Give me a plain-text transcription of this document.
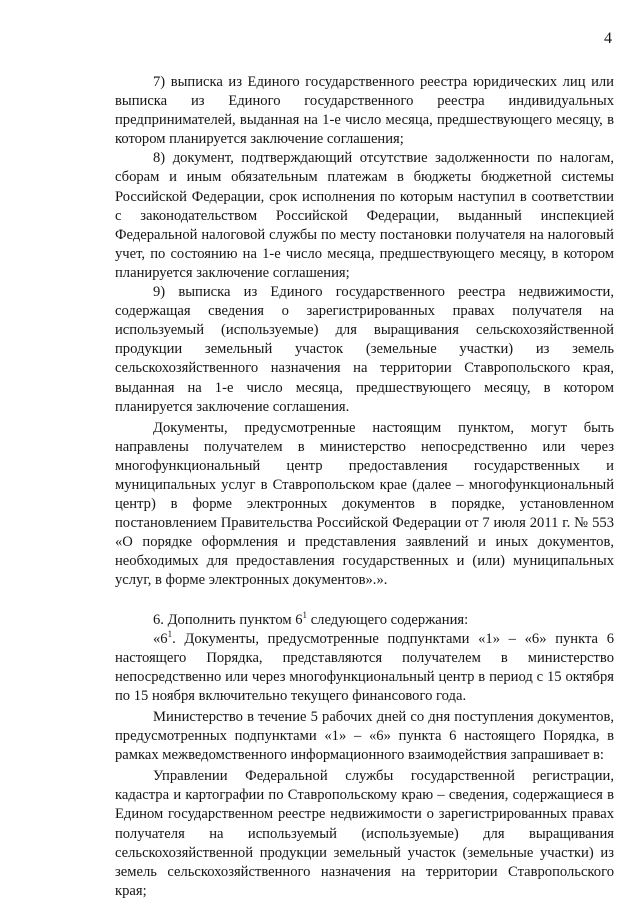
4

7) выписка из Единого государственного реестра юридических лиц или выписка из Единого государственного реестра индивидуальных предпринимателей, выданная на 1-е число месяца, предшествующего месяцу, в котором планируется заключение соглашения;

8) документ, подтверждающий отсутствие задолженности по налогам, сборам и иным обязательным платежам в бюджеты бюджетной системы Российской Федерации, срок исполнения по которым наступил в соответствии с законодательством Российской Федерации, выданный инспекцией Федеральной налоговой службы по месту постановки получателя на налоговый учет, по состоянию на 1-е число месяца, предшествующего месяцу, в котором планируется заключение соглашения;

9) выписка из Единого государственного реестра недвижимости, содержащая сведения о зарегистрированных правах получателя на используемый (используемые) для выращивания сельскохозяйственной продукции земельный участок (земельные участки) из земель сельскохозяйственного назначения на территории Ставропольского края, выданная на 1-е число месяца, предшествующего месяцу, в котором планируется заключение соглашения.

Документы, предусмотренные настоящим пунктом, могут быть направлены получателем в министерство непосредственно или через многофункциональный центр предоставления государственных и муниципальных услуг в Ставропольском крае (далее – многофункциональный центр) в форме электронных документов в порядке, установленном постановлением Правительства Российской Федерации от 7 июля 2011 г. № 553 «О порядке оформления и представления заявлений и иных документов, необходимых для предоставления государственных и (или) муниципальных услуг, в форме электронных документов».».

6. Дополнить пунктом $6^1$ следующего содержания:

«$6^1$. Документы, предусмотренные подпунктами «1» – «6» пункта 6 настоящего Порядка, представляются получателем в министерство непосредственно или через многофункциональный центр в период с 15 октября по 15 ноября включительно текущего финансового года.

Министерство в течение 5 рабочих дней со дня поступления документов, предусмотренных подпунктами «1» – «6» пункта 6 настоящего Порядка, в рамках межведомственного информационного взаимодействия запрашивает в:

Управлении Федеральной службы государственной регистрации, кадастра и картографии по Ставропольскому краю – сведения, содержащиеся в Едином государственном реестре недвижимости о зарегистрированных правах получателя на используемый (используемые) для выращивания сельскохозяйственной продукции земельный участок (земельные участки) из земель сельскохозяйственного назначения на территории Ставропольского края;
